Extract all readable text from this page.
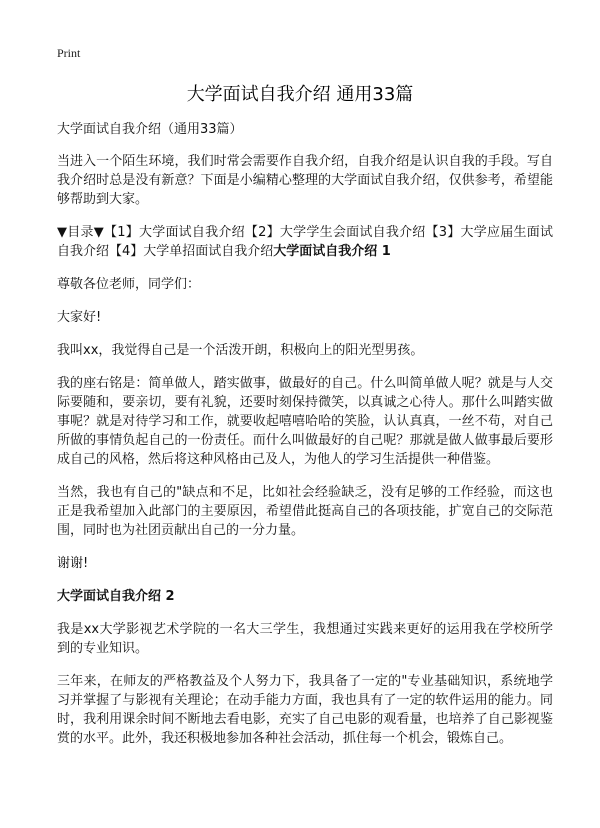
Print
大学面试自我介绍 通用33篇

大学面试自我介绍（通用33篇）

当进入一个陌生环境，我们时常会需要作自我介绍，自我介绍是认识自我的手段。写自我介绍时总是没有新意？下面是小编精心整理的大学面试自我介绍，仅供参考，希望能够帮助到大家。

▼目录▼【1】大学面试自我介绍【2】大学学生会面试自我介绍【3】大学应届生面试自我介绍【4】大学单招面试自我介绍大学面试自我介绍 1

尊敬各位老师，同学们：

大家好!

我叫xx，我觉得自己是一个活泼开朗，积极向上的阳光型男孩。

我的座右铭是：简单做人，踏实做事，做最好的自己。什么叫简单做人呢？就是与人交际要随和，要亲切，要有礼貌，还要时刻保持微笑，以真诚之心待人。那什么叫踏实做事呢？就是对待学习和工作，就要收起嘻嘻哈哈的笑脸，认认真真，一丝不苟，对自己所做的事情负起自己的一份责任。而什么叫做最好的自己呢？那就是做人做事最后要形成自己的风格，然后将这种风格由己及人，为他人的学习生活提供一种借鉴。

当然，我也有自己的"缺点和不足，比如社会经验缺乏，没有足够的工作经验，而这也正是我希望加入此部门的主要原因，希望借此挺高自己的各项技能，扩宽自己的交际范围，同时也为社团贡献出自己的一分力量。

谢谢!

大学面试自我介绍 2

我是xx大学影视艺术学院的一名大三学生，我想通过实践来更好的运用我在学校所学到的专业知识。

三年来，在师友的严格教益及个人努力下，我具备了一定的"专业基础知识，系统地学习并掌握了与影视有关理论；在动手能力方面，我也具有了一定的软件运用的能力。同时，我利用课余时间不断地去看电影，充实了自己电影的观看量，也培养了自己影视鉴赏的水平。此外，我还积极地参加各种社会活动，抓住每一个机会，锻炼自己。
